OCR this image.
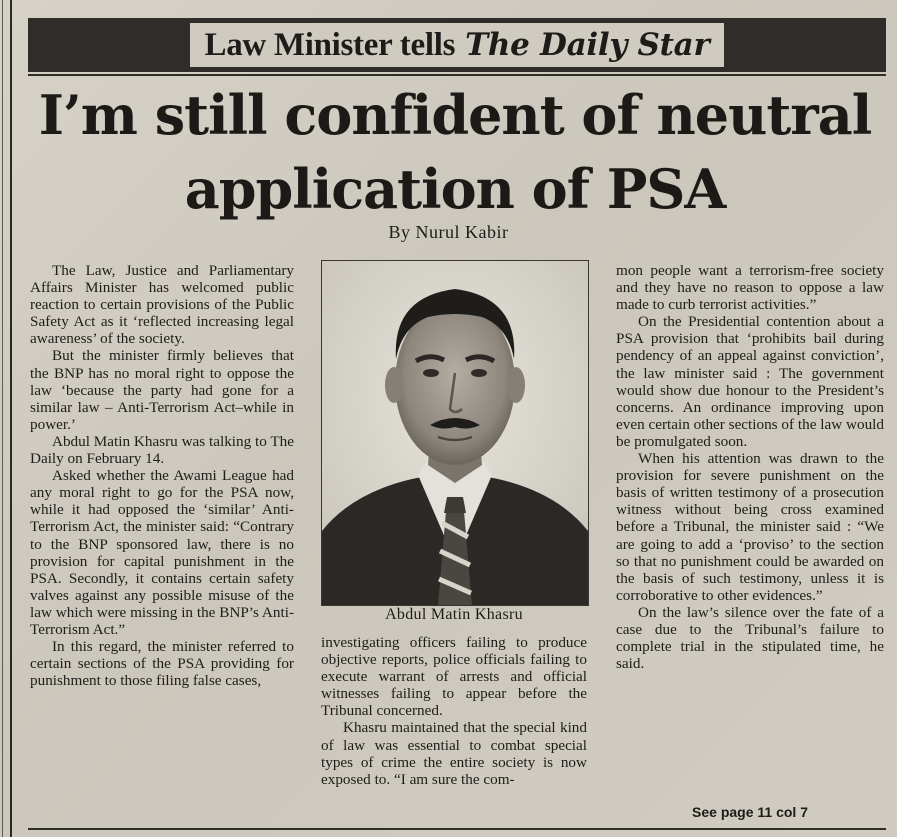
Law Minister tells The Daily Star
I’m still confident of neutral
application of PSA
By Nurul Kabir

The Law, Justice and Parliamentary Affairs Minister has welcomed public reaction to certain provisions of the Public Safety Act as it ‘reflected increasing legal awareness’ of the society.

But the minister firmly believes that the BNP has no moral right to oppose the law ‘because the party had gone for a similar law – Anti-Terrorism Act–while in power.’

Abdul Matin Khasru was talking to The Daily on February 14.

Asked whether the Awami League had any moral right to go for the PSA now, while it had opposed the ‘similar’ Anti-Terrorism Act, the minister said: “Contrary to the BNP sponsored law, there is no provision for capital punishment in the PSA. Secondly, it contains certain safety valves against any possible misuse of the law which were missing in the BNP’s Anti-Terrorism Act.”

In this regard, the minister referred to certain sections of the PSA providing for punishment to those filing false cases,

Abdul Matin Khasru

investigating officers failing to produce objective reports, police officials failing to execute warrant of arrests and official witnesses failing to appear before the Tribunal concerned.

Khasru maintained that the special kind of law was essential to combat special types of crime the entire society is now exposed to. “I am sure the com-

mon people want a terrorism-free society and they have no reason to oppose a law made to curb terrorist activities.”

On the Presidential contention about a PSA provision that ‘prohibits bail during pendency of an appeal against conviction’, the law minister said : The government would show due honour to the President’s concerns. An ordinance improving upon even certain other sections of the law would be promulgated soon.

When his attention was drawn to the provision for severe punishment on the basis of written testimony of a prosecution witness without being cross examined before a Tribunal, the minister said : “We are going to add a ‘proviso’ to the section so that no punishment could be awarded on the basis of such testimony, unless it is corroborative to other evidences.”

On the law’s silence over the fate of a case due to the Tribunal’s failure to complete trial in the stipulated time, he said.

See page 11 col 7
